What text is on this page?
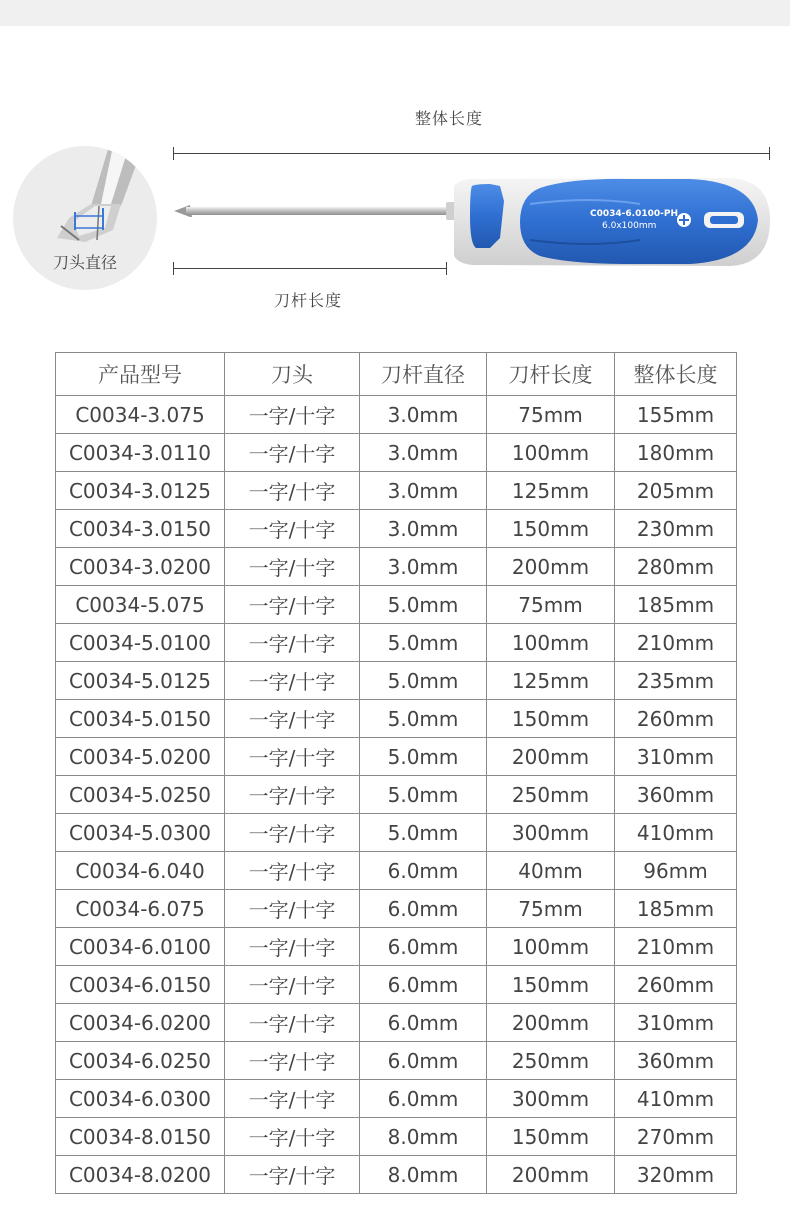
整体长度
刀头直径
C0034-6.0100-PH
6.0x100mm
刀杆长度
产品型号	刀头	刀杆直径	刀杆长度	整体长度
C0034-3.075	一字/十字	3.0mm	75mm	155mm
C0034-3.0110	一字/十字	3.0mm	100mm	180mm
C0034-3.0125	一字/十字	3.0mm	125mm	205mm
C0034-3.0150	一字/十字	3.0mm	150mm	230mm
C0034-3.0200	一字/十字	3.0mm	200mm	280mm
C0034-5.075	一字/十字	5.0mm	75mm	185mm
C0034-5.0100	一字/十字	5.0mm	100mm	210mm
C0034-5.0125	一字/十字	5.0mm	125mm	235mm
C0034-5.0150	一字/十字	5.0mm	150mm	260mm
C0034-5.0200	一字/十字	5.0mm	200mm	310mm
C0034-5.0250	一字/十字	5.0mm	250mm	360mm
C0034-5.0300	一字/十字	5.0mm	300mm	410mm
C0034-6.040	一字/十字	6.0mm	40mm	96mm
C0034-6.075	一字/十字	6.0mm	75mm	185mm
C0034-6.0100	一字/十字	6.0mm	100mm	210mm
C0034-6.0150	一字/十字	6.0mm	150mm	260mm
C0034-6.0200	一字/十字	6.0mm	200mm	310mm
C0034-6.0250	一字/十字	6.0mm	250mm	360mm
C0034-6.0300	一字/十字	6.0mm	300mm	410mm
C0034-8.0150	一字/十字	8.0mm	150mm	270mm
C0034-8.0200	一字/十字	8.0mm	200mm	320mm
